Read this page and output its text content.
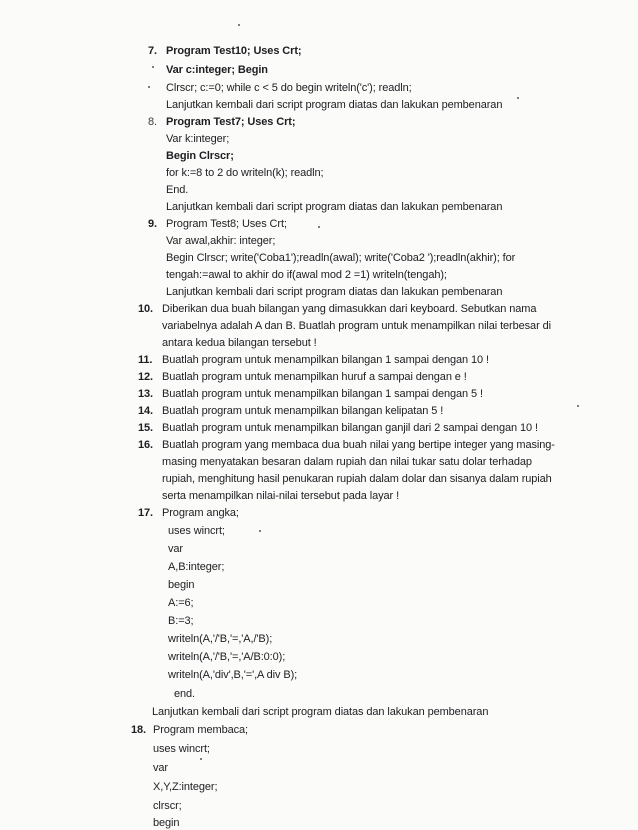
7. Program Test10; Uses Crt;
Var c:integer; Begin
Clrscr; c:=0; while c < 5 do begin writeln('c'); readln;
Lanjutkan kembali dari script program diatas dan lakukan pembenaran
8. Program Test7; Uses Crt;
Var k:integer;
Begin Clrscr;
for k:=8 to 2 do writeln(k); readln;
End.
Lanjutkan kembali dari script program diatas dan lakukan pembenaran
9. Program Test8; Uses Crt;
Var awal,akhir: integer;
Begin Clrscr; write('Coba1');readln(awal); write('Coba2 ');readln(akhir); for
tengah:=awal to akhir do if(awal mod 2 =1) writeln(tengah);
Lanjutkan kembali dari script program diatas dan lakukan pembenaran
10. Diberikan dua buah bilangan yang dimasukkan dari keyboard. Sebutkan nama
variabelnya adalah A dan B. Buatlah program untuk menampilkan nilai terbesar di
antara kedua bilangan tersebut !
11. Buatlah program untuk menampilkan bilangan 1 sampai dengan 10 !
12. Buatlah program untuk menampilkan huruf a sampai dengan e !
13. Buatlah program untuk menampilkan bilangan 1 sampai dengan 5 !
14. Buatlah program untuk menampilkan bilangan kelipatan 5 !
15. Buatlah program untuk menampilkan bilangan ganjil dari 2 sampai dengan 10 !
16. Buatlah program yang membaca dua buah nilai yang bertipe integer yang masing-
masing menyatakan besaran dalam rupiah dan nilai tukar satu dolar terhadap
rupiah, menghitung hasil penukaran rupiah dalam dolar dan sisanya dalam rupiah
serta menampilkan nilai-nilai tersebut pada layar !
17. Program angka;
uses wincrt;
var
A,B:integer;
begin
A:=6;
B:=3;
writeln(A,'/'B,'=,'A,/'B);
writeln(A,'/'B,'=,'A/B:0:0);
writeln(A,'div',B,'=',A div B);
end.
Lanjutkan kembali dari script program diatas dan lakukan pembenaran
18. Program membaca;
uses wincrt;
var
X,Y,Z:integer;
clrscr;
begin
